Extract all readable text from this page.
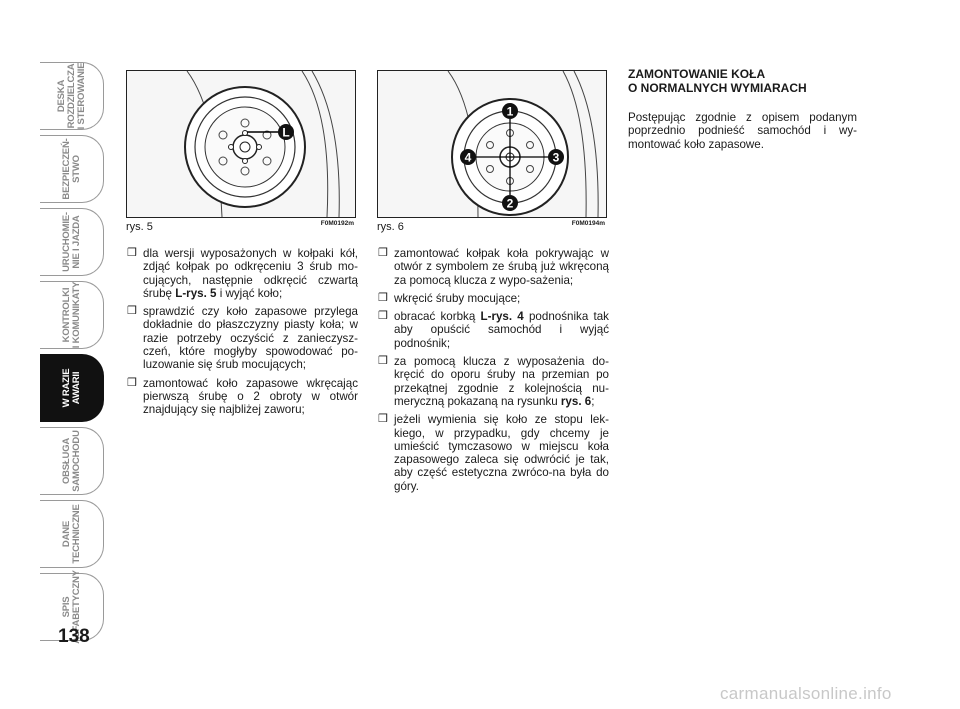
DESKA
ROZDZIELCZA
I STEROWANIE
BEZPIECZEŃ-
STWO
URUCHOMIE-
NIE I JAZDA
KONTROLKI
I KOMUNIKATY
W RAZIE
AWARII
OBSŁUGA
SAMOCHODU
DANE
TECHNICZNE
SPIS
ALFABETYCZNY
138
L
rys. 5	F0M0192m
1
2
3
4
rys. 6	F0M0194m
❒ dla wersji wyposażonych w kołpaki kół, zdjąć kołpak po odkręceniu 3 śrub mo-cujących, następnie odkręcić czwartą śrubę L-rys. 5 i wyjąć koło;
❒ sprawdzić czy koło zapasowe przylega dokładnie do płaszczyzny piasty koła; w razie potrzeby oczyścić z zanieczysz-czeń, które mogłyby spowodować po-luzowanie się śrub mocujących;
❒ zamontować koło zapasowe wkręcając pierwszą śrubę o 2 obroty w otwór znajdujący się najbliżej zaworu;
❒ zamontować kołpak koła pokrywając w otwór z symbolem ze śrubą już wkręconą za pomocą klucza z wypo-sażenia;
❒ wkręcić śruby mocujące;
❒ obracać korbką L-rys. 4 podnośnika tak aby opuścić samochód i wyjąć podnośnik;
❒ za pomocą klucza z wyposażenia do-kręcić do oporu śruby na przemian po przekątnej zgodnie z kolejnością nu-meryczną pokazaną na rysunku rys. 6;
❒ jeżeli wymienia się koło ze stopu lek-kiego, w przypadku, gdy chcemy je umieścić tymczasowo w miejscu koła zapasowego zaleca się odwrócić je tak, aby część estetyczna zwróco-na była do góry.
ZAMONTOWANIE KOŁA
O NORMALNYCH WYMIARACH
Postępując zgodnie z opisem podanym poprzednio podnieść samochód i wy-montować koło zapasowe.
carmanualsonline.info
